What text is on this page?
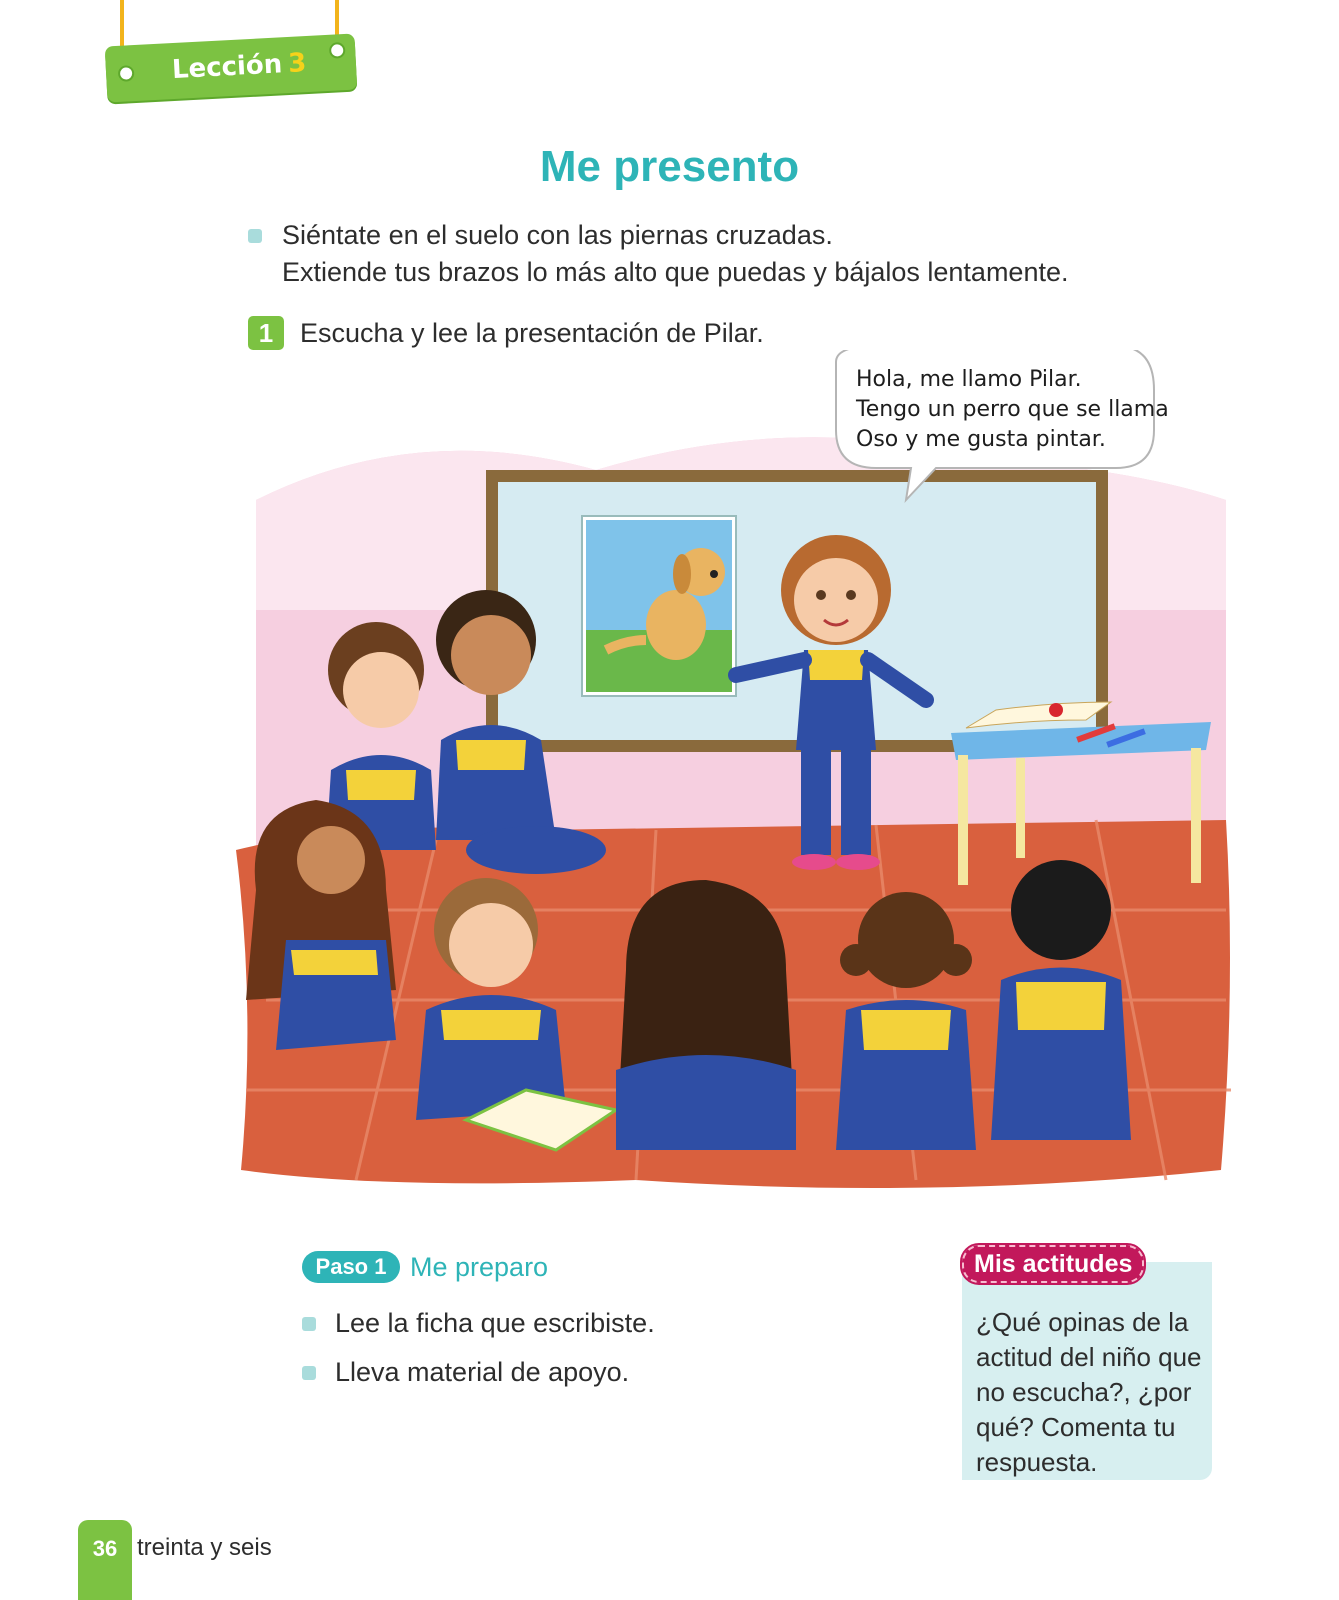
Lección 3
Me presento
Siéntate en el suelo con las piernas cruzadas.
Extiende tus brazos lo más alto que puedas y bájalos lentamente.
1 Escucha y lee la presentación de Pilar.
Hola, me llamo Pilar.
Tengo un perro que se llama
Oso y me gusta pintar.
Paso 1 Me preparo
Lee la ficha que escribiste.
Lleva material de apoyo.
Mis actitudes
¿Qué opinas de la actitud del niño que no escucha?, ¿por qué? Comenta tu respuesta.
36 treinta y seis
